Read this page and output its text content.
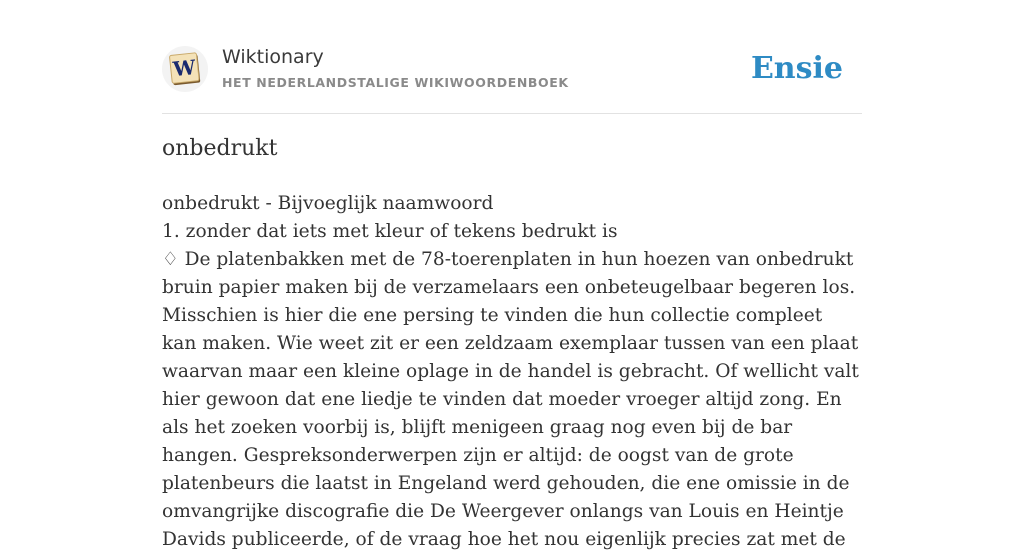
W Wiktionary
HET NEDERLANDSTALIGE WIKIWOORDENBOEK	Ensie
onbedrukt

onbedrukt - Bijvoeglijk naamwoord

1. zonder dat iets met kleur of tekens bedrukt is

♢ De platenbakken met de 78-toerenplaten in hun hoezen van onbedrukt bruin papier maken bij de verzamelaars een onbeteugelbaar begeren los. Misschien is hier die ene persing te vinden die hun collectie compleet kan maken. Wie weet zit er een zeldzaam exemplaar tussen van een plaat waarvan maar een kleine oplage in de handel is gebracht. Of wellicht valt hier gewoon dat ene liedje te vinden dat moeder vroeger altijd zong. En als het zoeken voorbij is, blijft menigeen graag nog even bij de bar hangen. Gespreksonderwerpen zijn er altijd: de oogst van de grote platenbeurs die laatst in Engeland werd gehouden, die ene omissie in de omvangrijke discografie die De Weergever onlangs van Louis en Heintje Davids publiceerde, of de vraag hoe het nou eigenlijk precies zat met de
